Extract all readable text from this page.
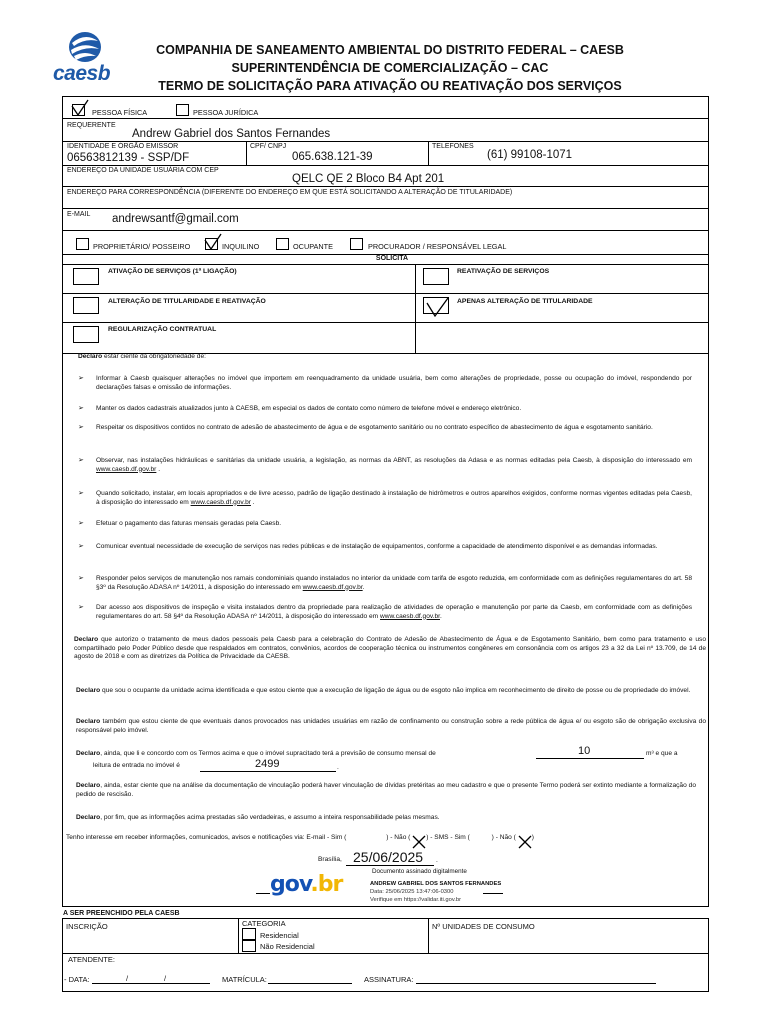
caesb
COMPANHIA DE SANEAMENTO AMBIENTAL DO DISTRITO FEDERAL – CAESB
SUPERINTENDÊNCIA DE COMERCIALIZAÇÃO – CAC
TERMO DE SOLICITAÇÃO PARA ATIVAÇÃO OU REATIVAÇÃO DOS SERVIÇOS
PESSOA FÍSICA	PESSOA JURÍDICA
REQUERENTE
Andrew Gabriel dos Santos Fernandes
IDENTIDADE E ÓRGÃO EMISSOR
06563812139 - SSP/DF
CPF/ CNPJ
065.638.121-39
TELEFONES
(61) 99108-1071
ENDEREÇO DA UNIDADE USUÁRIA COM CEP
QELC QE 2 Bloco B4 Apt 201
ENDEREÇO PARA CORRESPONDÊNCIA (DIFERENTE DO ENDEREÇO EM QUE ESTÁ SOLICITANDO A ALTERAÇÃO DE TITULARIDADE)
E-MAIL andrewsantf@gmail.com
PROPRIETÁRIO/ POSSEIRO	INQUILINO	OCUPANTE	PROCURADOR / RESPONSÁVEL LEGAL
SOLICITA
ATIVAÇÃO DE SERVIÇOS (1ª LIGAÇÃO)	REATIVAÇÃO DE SERVIÇOS
ALTERAÇÃO DE TITULARIDADE E REATIVAÇÃO	APENAS ALTERAÇÃO DE TITULARIDADE
REGULARIZAÇÃO CONTRATUAL
Declaro estar ciente da obrigatoriedade de:
➢ Informar à Caesb quaisquer alterações no imóvel que importem em reenquadramento da unidade usuária, bem como alterações de propriedade, posse ou ocupação do imóvel, respondendo por declarações falsas e omissão de informações.
➢ Manter os dados cadastrais atualizados junto à CAESB, em especial os dados de contato como número de telefone móvel e endereço eletrônico.
➢ Respeitar os dispositivos contidos no contrato de adesão de abastecimento de água e de esgotamento sanitário ou no contrato específico de abastecimento de água e esgotamento sanitário.
➢ Observar, nas instalações hidráulicas e sanitárias da unidade usuária, a legislação, as normas da ABNT, as resoluções da Adasa e as normas editadas pela Caesb, à disposição do interessado em www.caesb.df.gov.br .
➢ Quando solicitado, instalar, em locais apropriados e de livre acesso, padrão de ligação destinado à instalação de hidrômetros e outros aparelhos exigidos, conforme normas vigentes editadas pela Caesb, à disposição do interessado em www.caesb.df.gov.br .
➢ Efetuar o pagamento das faturas mensais geradas pela Caesb.
➢ Comunicar eventual necessidade de execução de serviços nas redes públicas e de instalação de equipamentos, conforme a capacidade de atendimento disponível e as demandas informadas.
➢ Responder pelos serviços de manutenção nos ramais condominiais quando instalados no interior da unidade com tarifa de esgoto reduzida, em conformidade com as definições regulamentares do art. 58 §3º da Resolução ADASA nº 14/2011, à disposição do interessado em www.caesb.df.gov.br.
➢ Dar acesso aos dispositivos de inspeção e visita instalados dentro da propriedade para realização de atividades de operação e manutenção por parte da Caesb, em conformidade com as definições regulamentares do art. 58 §4º da Resolução ADASA nº 14/2011, à disposição do interessado em www.caesb.df.gov.br.
Declaro que autorizo o tratamento de meus dados pessoais pela Caesb para a celebração do Contrato de Adesão de Abastecimento de Água e de Esgotamento Sanitário, bem como para tratamento e uso compartilhado pelo Poder Público desde que respaldados em contratos, convênios, acordos de cooperação técnica ou instrumentos congêneres em consonância com os artigos 23 a 32 da Lei nº 13.709, de 14 de agosto de 2018 e com as diretrizes da Política de Privacidade da CAESB.
Declaro que sou o ocupante da unidade acima identificada e que estou ciente que a execução de ligação de água ou de esgoto não implica em reconhecimento de direito de posse ou de propriedade do imóvel.
Declaro também que estou ciente de que eventuais danos provocados nas unidades usuárias em razão de confinamento ou construção sobre a rede pública de água e/ ou esgoto são de obrigação exclusiva do responsável pelo imóvel.
Declaro, ainda, que li e concordo com os Termos acima e que o imóvel supracitado terá a previsão de consumo mensal de	10	m³ e que a
leitura de entrada no imóvel é	2499	.
Declaro, ainda, estar ciente que na análise da documentação de vinculação poderá haver vinculação de dívidas pretéritas ao meu cadastro e que o presente Termo poderá ser extinto mediante a formalização do pedido de rescisão.
Declaro, por fim, que as informações acima prestadas são verdadeiras, e assumo a inteira responsabilidade pelas mesmas.
Tenho interesse em receber informações, comunicados, avisos e notificações via: E-mail - Sim (	) - Não ( ) - SMS - Sim (	) - Não ( )
Brasília, 25/06/2025 .
Documento assinado digitalmente
gov.br	ANDREW GABRIEL DOS SANTOS FERNANDES
Data: 25/06/2025 13:47:06-0300
Verifique em https://validar.iti.gov.br
A SER PREENCHIDO PELA CAESB
INSCRIÇÃO	CATEGORIA
Residencial
Não Residencial
Nº UNIDADES DE CONSUMO
ATENDENTE:
- DATA:	/	/	MATRÍCULA:	ASSINATURA:
